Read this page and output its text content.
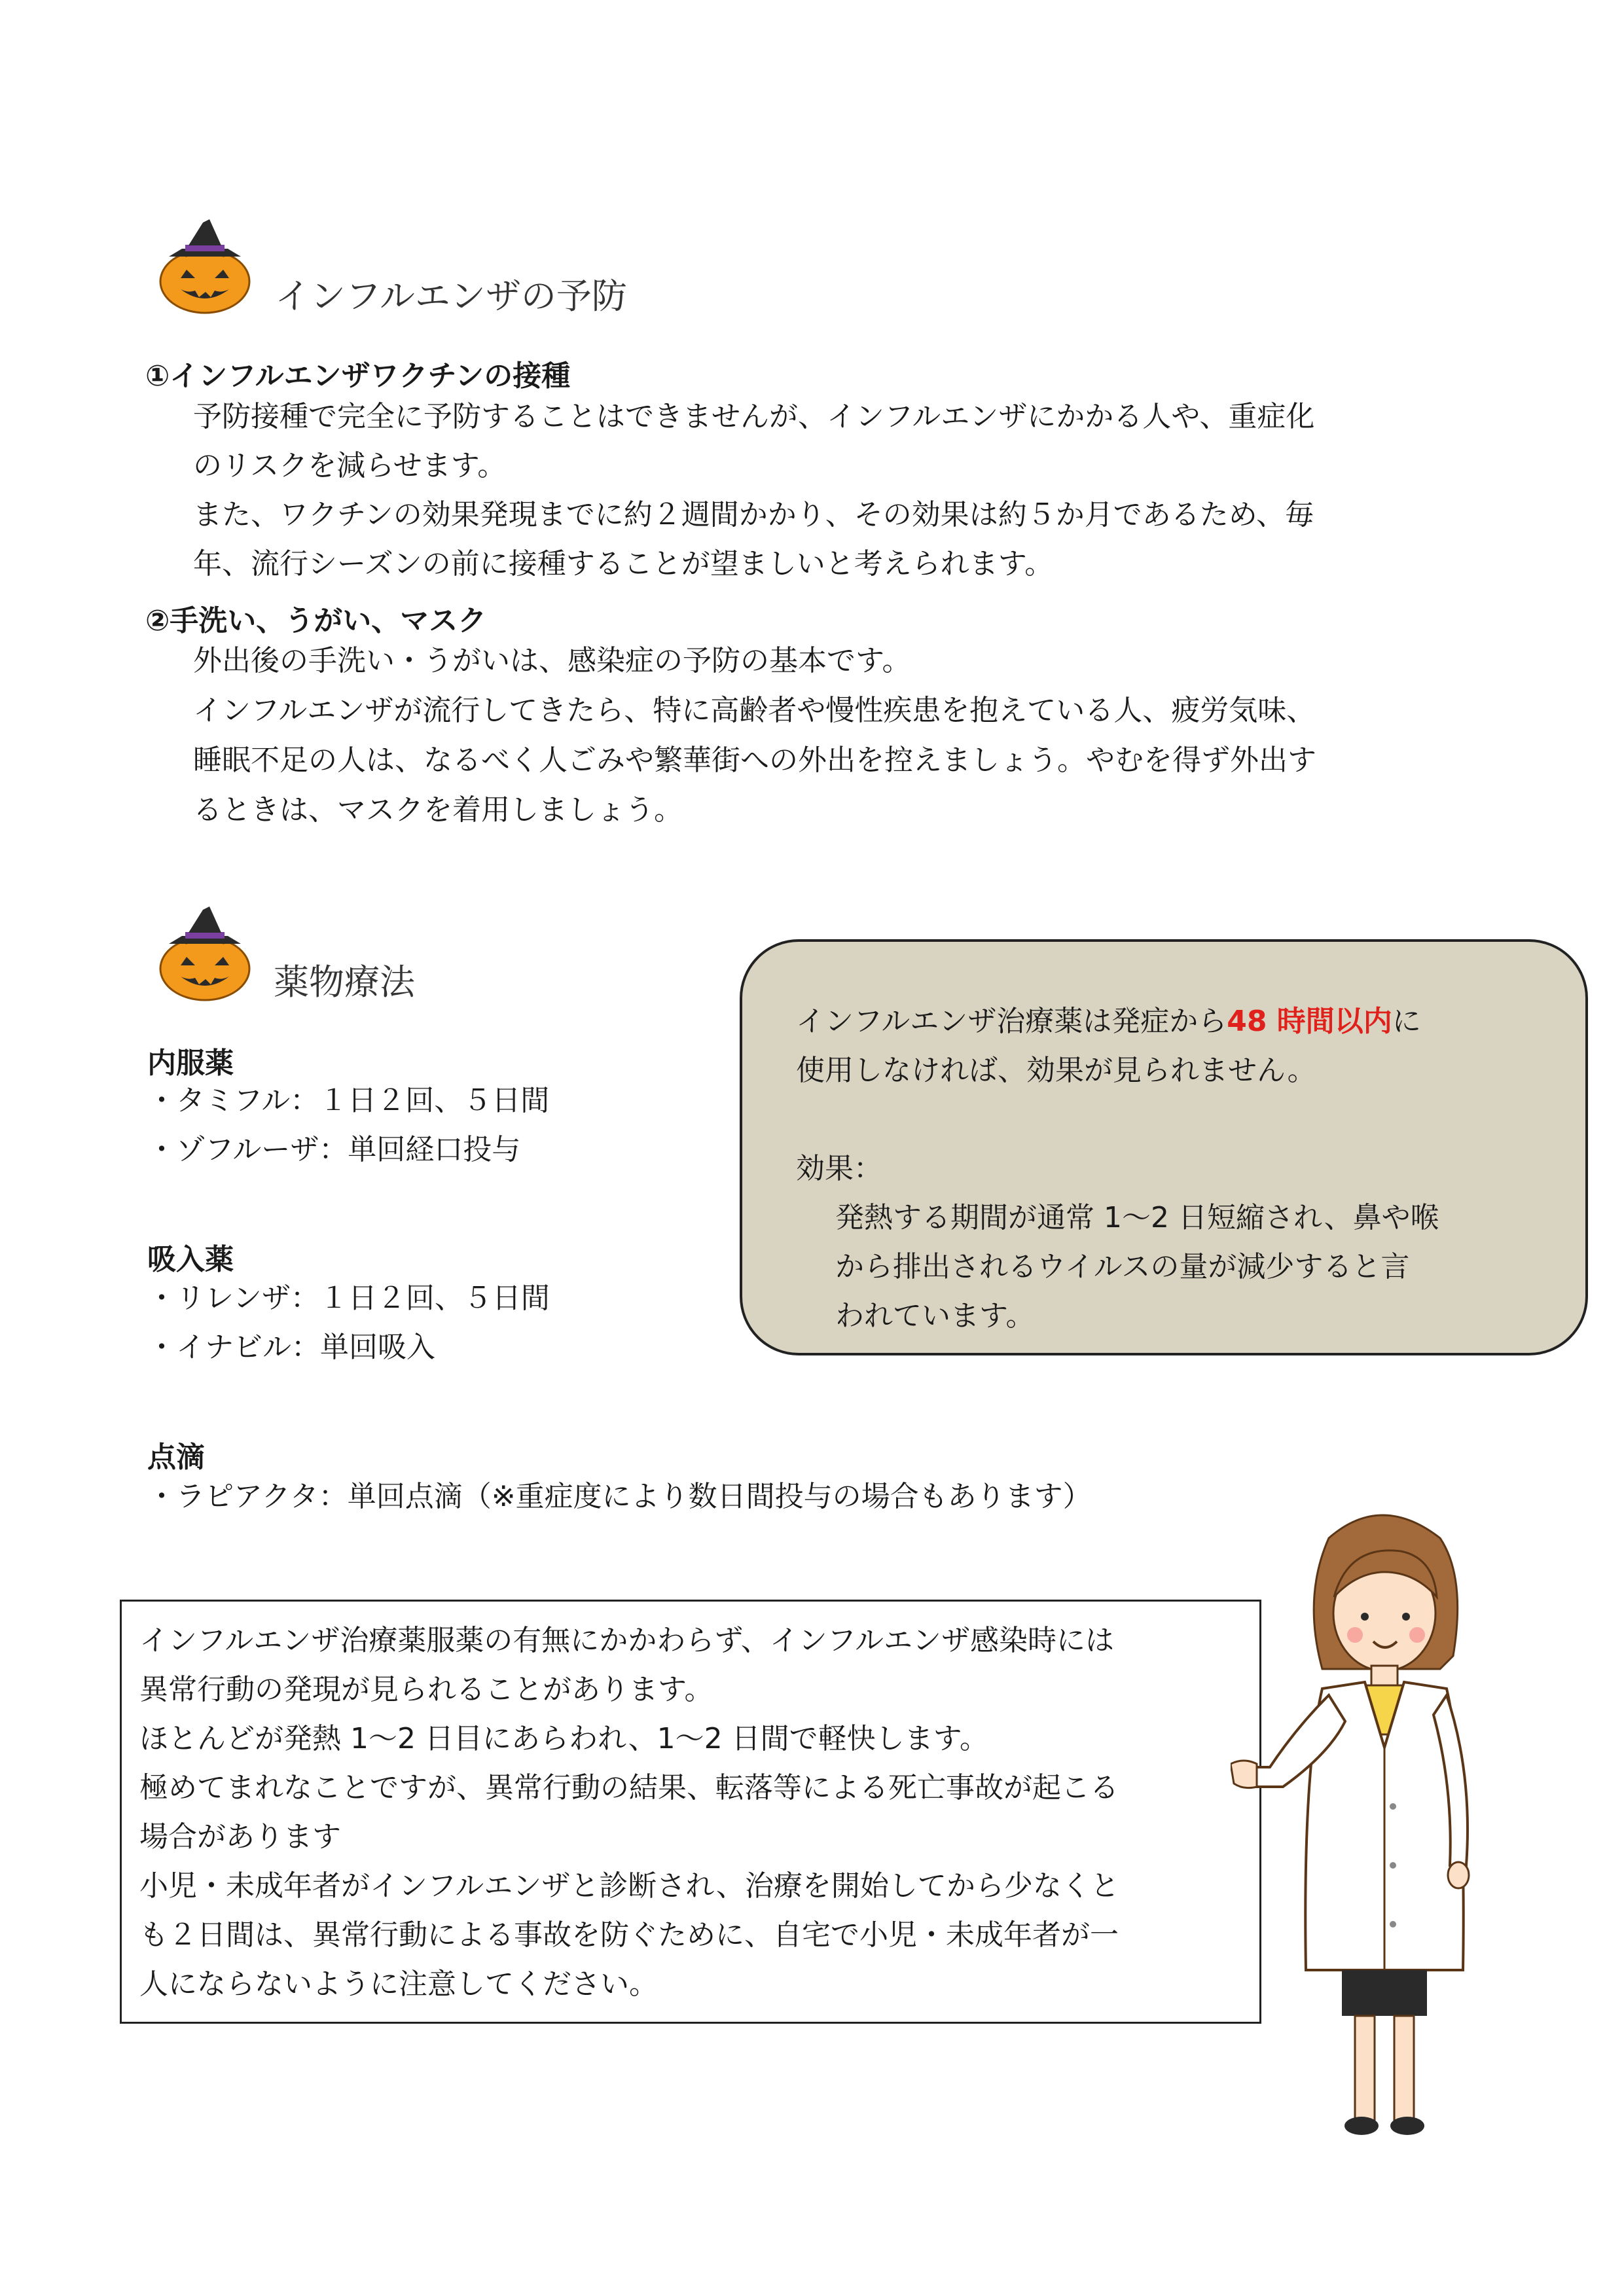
インフルエンザの予防
①インフルエンザワクチンの接種
予防接種で完全に予防することはできませんが、インフルエンザにかかる人や、重症化
のリスクを減らせます。
また、ワクチンの効果発現までに約２週間かかり、その効果は約５か月であるため、毎
年、流行シーズンの前に接種することが望ましいと考えられます。
②手洗い、うがい、マスク
外出後の手洗い・うがいは、感染症の予防の基本です。
インフルエンザが流行してきたら、特に高齢者や慢性疾患を抱えている人、疲労気味、
睡眠不足の人は、なるべく人ごみや繁華街への外出を控えましょう。やむを得ず外出す
るときは、マスクを着用しましょう。
薬物療法
内服薬
・タミフル：１日２回、５日間
・ゾフルーザ：単回経口投与
吸入薬
・リレンザ：１日２回、５日間
・イナビル：単回吸入
点滴
・ラピアクタ：単回点滴（※重症度により数日間投与の場合もあります）
インフルエンザ治療薬は発症から48 時間以内に
使用しなければ、効果が見られません。
効果：
発熱する期間が通常 1〜2 日短縮され、鼻や喉
から排出されるウイルスの量が減少すると言
われています。
インフルエンザ治療薬服薬の有無にかかわらず、インフルエンザ感染時には
異常行動の発現が見られることがあります。
ほとんどが発熱 1〜2 日目にあらわれ、1〜2 日間で軽快します。
極めてまれなことですが、異常行動の結果、転落等による死亡事故が起こる
場合があります
小児・未成年者がインフルエンザと診断され、治療を開始してから少なくと
も２日間は、異常行動による事故を防ぐために、自宅で小児・未成年者が一
人にならないように注意してください。
